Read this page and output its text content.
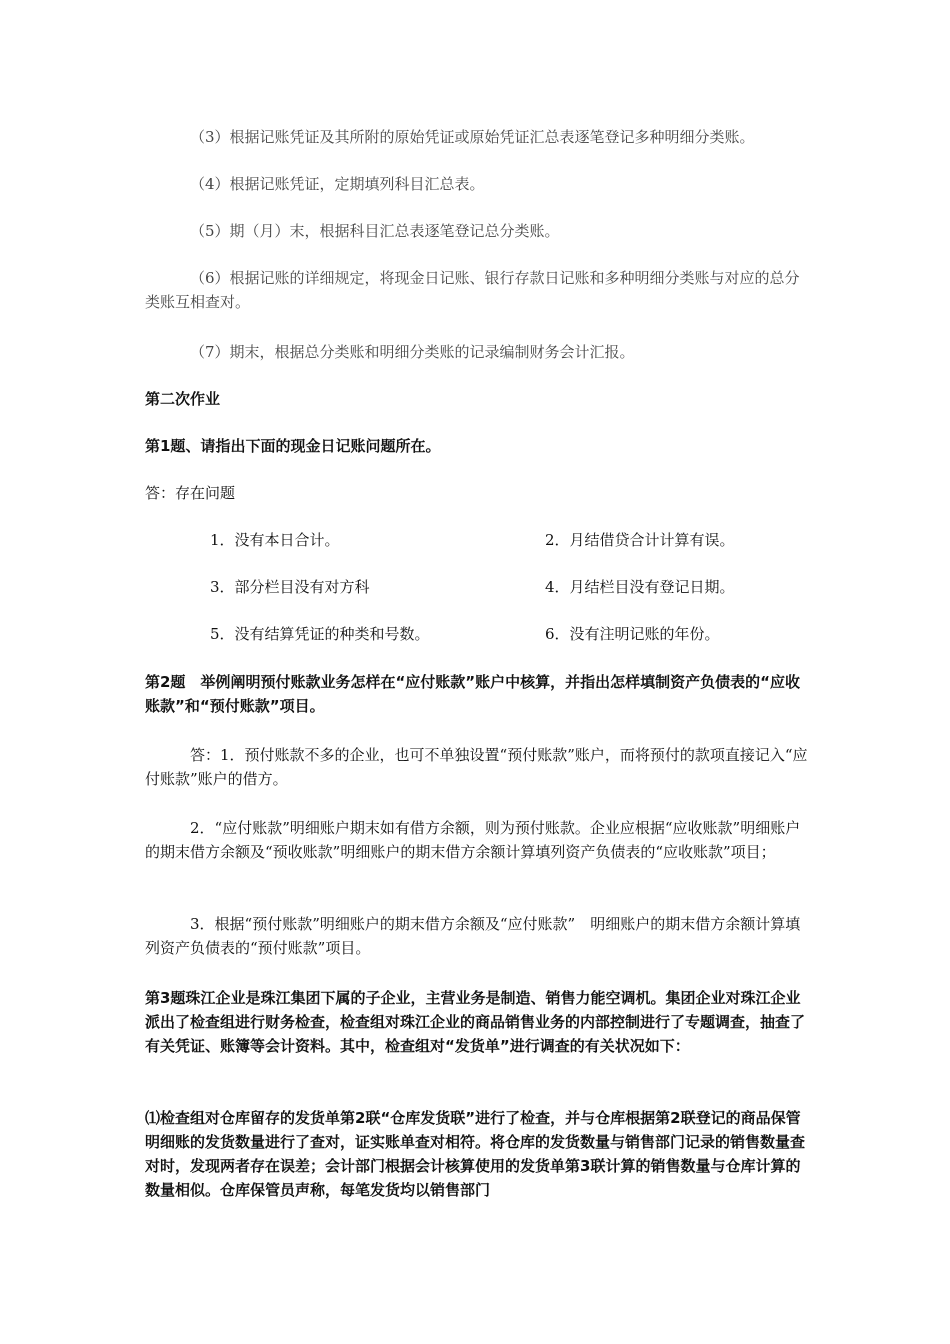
（3）根据记账凭证及其所附的原始凭证或原始凭证汇总表逐笔登记多种明细分类账。

（4）根据记账凭证，定期填列科目汇总表。

（5）期（月）末，根据科目汇总表逐笔登记总分类账。

（6）根据记账的详细规定，将现金日记账、银行存款日记账和多种明细分类账与对应的总分类账互相查对。

（7）期末，根据总分类账和明细分类账的记录编制财务会计汇报。

第二次作业

第1题、请指出下面的现金日记账问题所在。

答：存在问题

1．没有本日合计。	2．月结借贷合计计算有误。
3．部分栏目没有对方科	4．月结栏目没有登记日期。
5．没有结算凭证的种类和号数。	6．没有注明记账的年份。

第2题　举例阐明预付账款业务怎样在“应付账款”账户中核算，并指出怎样填制资产负债表的“应收账款”和“预付账款”项目。

答：1．预付账款不多的企业，也可不单独设置“预付账款”账户，而将预付的款项直接记入“应付账款”账户的借方。

2．“应付账款”明细账户期末如有借方余额，则为预付账款。企业应根据“应收账款”明细账户的期末借方余额及“预收账款”明细账户的期末借方余额计算填列资产负债表的“应收账款”项目；

3．根据“预付账款”明细账户的期末借方余额及“应付账款”　明细账户的期末借方余额计算填列资产负债表的“预付账款”项目。

第3题珠江企业是珠江集团下属的子企业，主营业务是制造、销售力能空调机。集团企业对珠江企业派出了检查组进行财务检查，检查组对珠江企业的商品销售业务的内部控制进行了专题调查，抽查了有关凭证、账簿等会计资料。其中，检查组对“发货单”进行调查的有关状况如下：

⑴检查组对仓库留存的发货单第2联“仓库发货联”进行了检查，并与仓库根据第2联登记的商品保管明细账的发货数量进行了查对，证实账单查对相符。将仓库的发货数量与销售部门记录的销售数量查对时，发现两者存在误差；会计部门根据会计核算使用的发货单第3联计算的销售数量与仓库计算的数量相似。仓库保管员声称，每笔发货均以销售部门
